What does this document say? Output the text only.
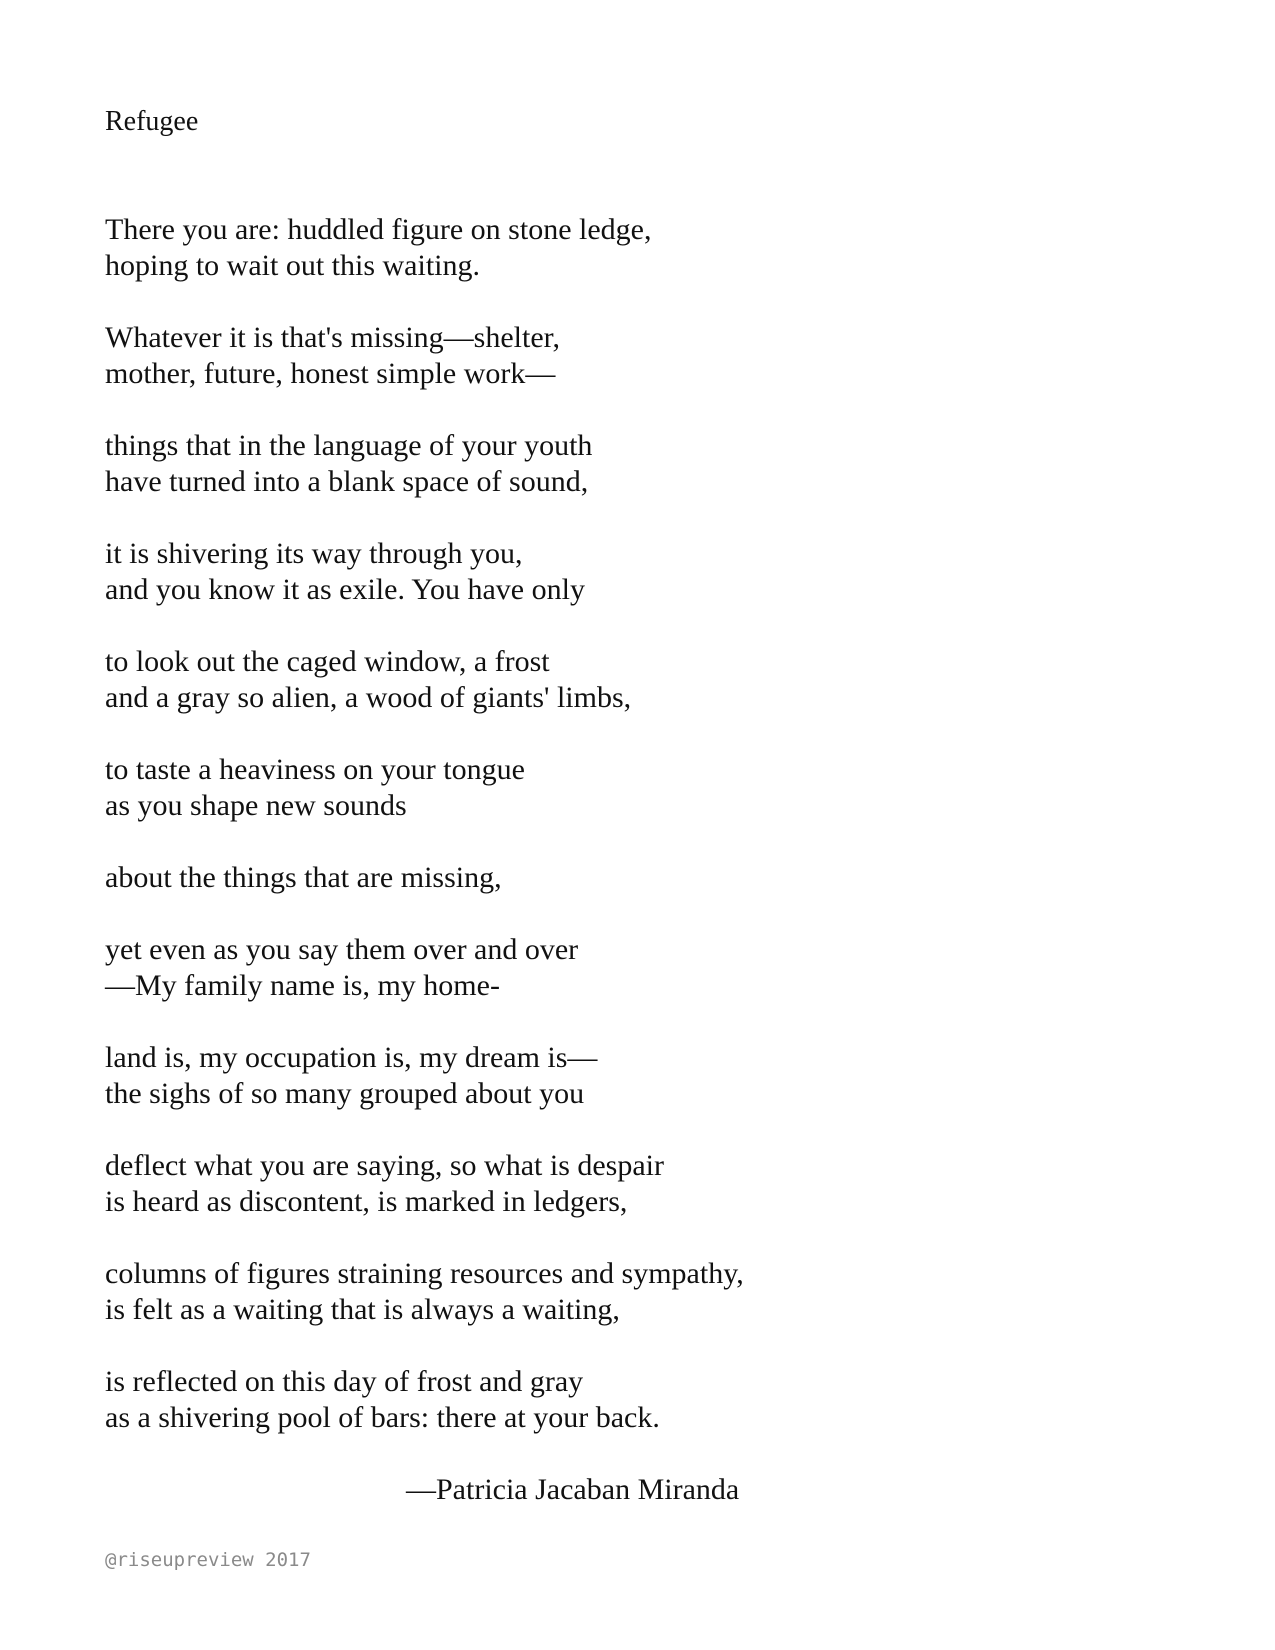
Refugee
There you are: huddled figure on stone ledge,
hoping to wait out this waiting.
Whatever it is that's missing—shelter,
mother, future, honest simple work—
things that in the language of your youth
have turned into a blank space of sound,
it is shivering its way through you,
and you know it as exile. You have only
to look out the caged window, a frost
and a gray so alien, a wood of giants' limbs,
to taste a heaviness on your tongue
as you shape new sounds
about the things that are missing,
yet even as you say them over and over
—My family name is, my home-
land is, my occupation is, my dream is—
the sighs of so many grouped about you
deflect what you are saying, so what is despair
is heard as discontent, is marked in ledgers,
columns of figures straining resources and sympathy,
is felt as a waiting that is always a waiting,
is reflected on this day of frost and gray
as a shivering pool of bars: there at your back.
—Patricia Jacaban Miranda
@riseupreview 2017
